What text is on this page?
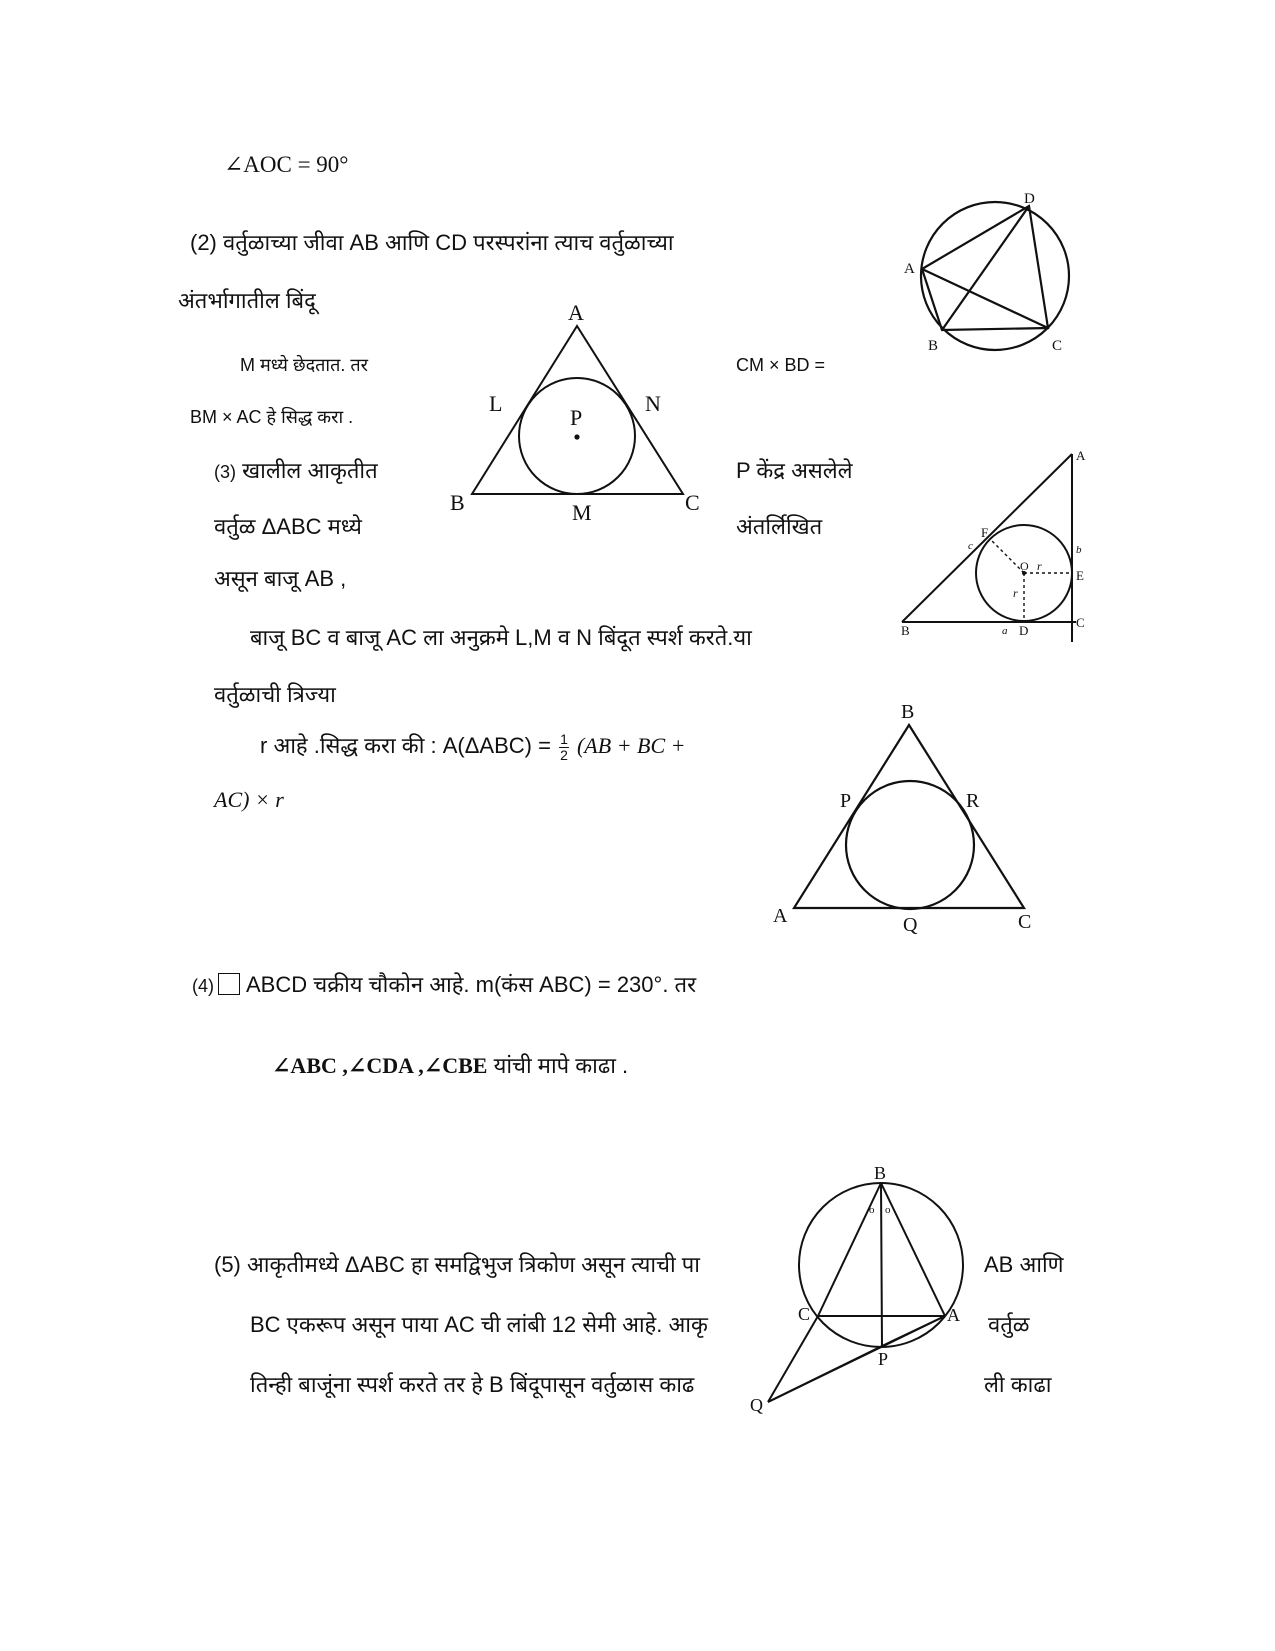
∠AOC = 90°
(2) वर्तुळाच्या जीवा AB आणि CD परस्परांना त्याच वर्तुळाच्या
अंतर्भागातील बिंदू
M मध्ये छेदतात. तर	CM × BD =
BM × AC हे सिद्ध करा .
(3) खालील आकृतीत	P केंद्र असलेले
वर्तुळ ΔABC मध्ये	अंतर्लिखित
असून बाजू AB ,
बाजू BC व बाजू AC ला अनुक्रमे L,M व N बिंदूत स्पर्श करते.या
वर्तुळाची त्रिज्या
r आहे .सिद्ध करा की : $A(\Delta ABC) = \frac{1}{2} (AB$ + BC +
AC) × r
(4) ABCD चक्रीय चौकोन आहे. m(कंस ABC) = 230°. तर
∠ABC ,∠CDA ,∠CBE यांची मापे काढा .
(5) आकृतीमध्ये ΔABC हा समद्विभुज त्रिकोण असून त्याची पा	AB आणि
BC एकरूप असून पाया AC ची लांबी 12 सेमी आहे. आकृ	वर्तुळ
तिन्ही बाजूंना स्पर्श करते तर हे B बिंदूपासून वर्तुळास काढ	ली काढा
A
B	C
D
A
B	C
L
M
N
P
A
B
C
D
E
F
O r
r
a
b
c
A
B
C
P
Q
R
o o
B
C	A
P
Q
